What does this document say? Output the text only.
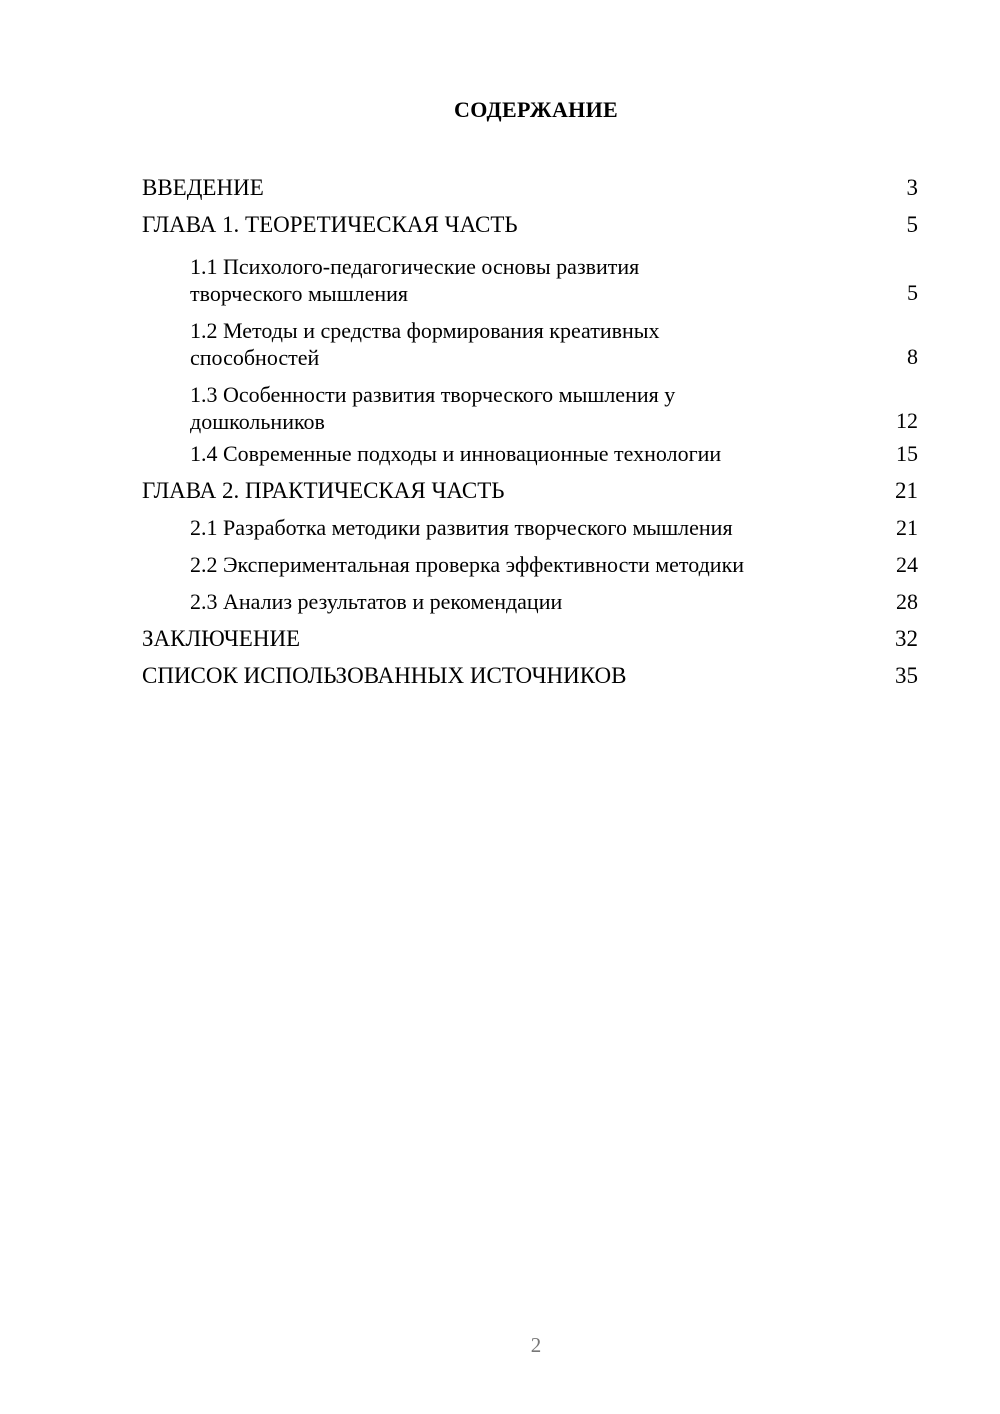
СОДЕРЖАНИЕ
ВВЕДЕНИЕ	3
ГЛАВА 1. ТЕОРЕТИЧЕСКАЯ ЧАСТЬ	5
1.1 Психолого-педагогические основы развития творческого мышления	5
1.2 Методы и средства формирования креативных способностей	8
1.3 Особенности развития творческого мышления у дошкольников	12
1.4 Современные подходы и инновационные технологии	15
ГЛАВА 2. ПРАКТИЧЕСКАЯ ЧАСТЬ	21
2.1 Разработка методики развития творческого мышления	21
2.2 Экспериментальная проверка эффективности методики	24
2.3 Анализ результатов и рекомендации	28
ЗАКЛЮЧЕНИЕ	32
СПИСОК ИСПОЛЬЗОВАННЫХ ИСТОЧНИКОВ	35
2
